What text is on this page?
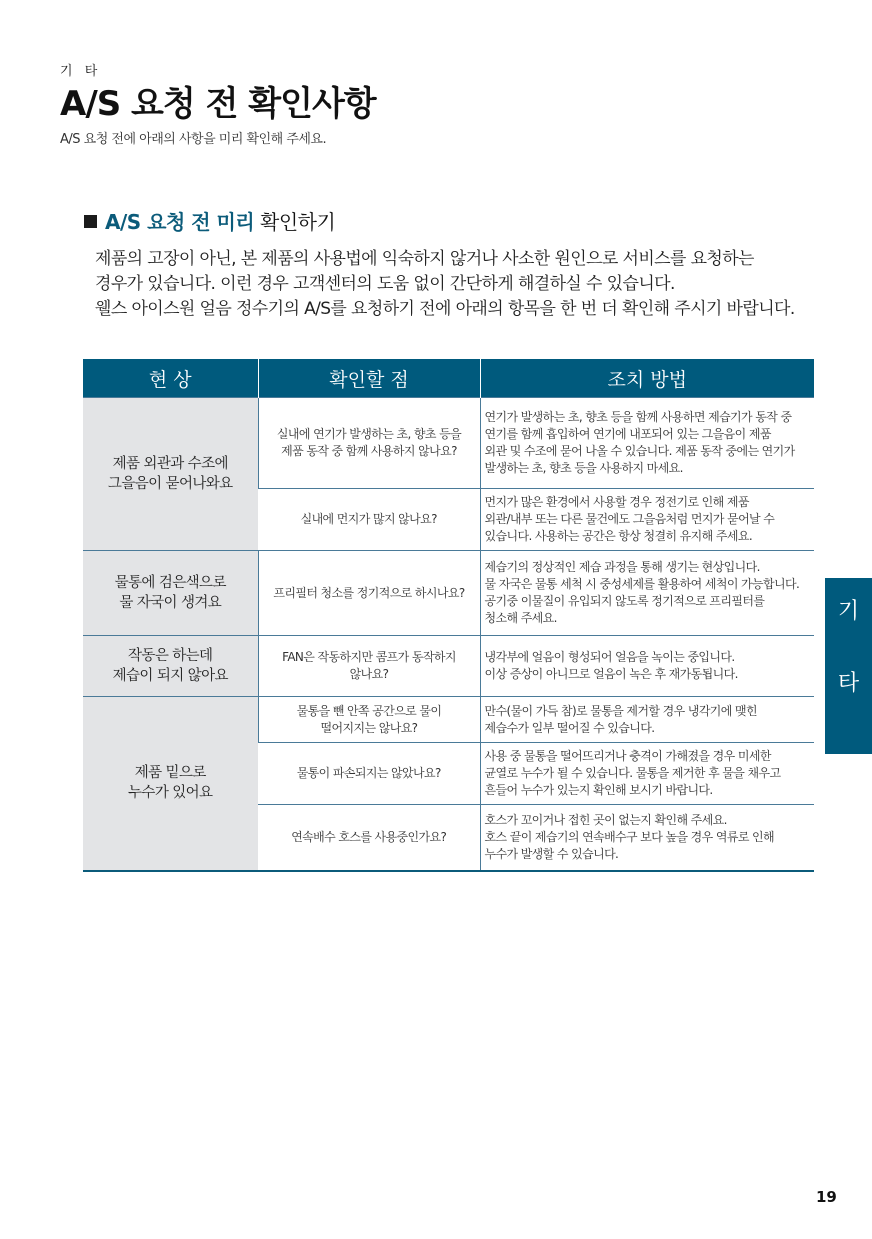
기 타
A/S 요청 전 확인사항
A/S 요청 전에 아래의 사항을 미리 확인해 주세요.
A/S 요청 전 미리 확인하기
제품의 고장이 아닌, 본 제품의 사용법에 익숙하지 않거나 사소한 원인으로 서비스를 요청하는
경우가 있습니다. 이런 경우 고객센터의 도움 없이 간단하게 해결하실 수 있습니다.
웰스 아이스원 얼음 정수기의 A/S를 요청하기 전에 아래의 항목을 한 번 더 확인해 주시기 바랍니다.
현 상	확인할 점	조치 방법

제품 외관과 수조에
그을음이 묻어나와요	실내에 연기가 발생하는 초, 향초 등을
제품 동작 중 함께 사용하지 않나요?	연기가 발생하는 초, 향초 등을 함께 사용하면 제습기가 동작 중
연기를 함께 흡입하여 연기에 내포되어 있는 그을음이 제품
외관 및 수조에 묻어 나올 수 있습니다. 제품 동작 중에는 연기가
발생하는 초, 향초 등을 사용하지 마세요.

	실내에 먼지가 많지 않나요?	먼지가 많은 환경에서 사용할 경우 정전기로 인해 제품
외관/내부 또는 다른 물건에도 그을음처럼 먼지가 묻어날 수
있습니다. 사용하는 공간은 항상 청결히 유지해 주세요.

물통에 검은색으로
물 자국이 생겨요	프리필터 청소를 정기적으로 하시나요?	제습기의 정상적인 제습 과정을 통해 생기는 현상입니다.
물 자국은 물통 세척 시 중성세제를 활용하여 세척이 가능합니다.
공기중 이물질이 유입되지 않도록 정기적으로 프리필터를
청소해 주세요.

작동은 하는데
제습이 되지 않아요	FAN은 작동하지만 콤프가 동작하지
않나요?	냉각부에 얼음이 형성되어 얼음을 녹이는 중입니다.
이상 증상이 아니므로 얼음이 녹은 후 재가동됩니다.

제품 밑으로
누수가 있어요	물통을 뺀 안쪽 공간으로 물이
떨어지지는 않나요?	만수(물이 가득 참)로 물통을 제거할 경우 냉각기에 맺힌
제습수가 일부 떨어질 수 있습니다.

	물통이 파손되지는 않았나요?	사용 중 물통을 떨어뜨리거나 충격이 가해졌을 경우 미세한
균열로 누수가 될 수 있습니다. 물통을 제거한 후 물을 채우고
흔들어 누수가 있는지 확인해 보시기 바랍니다.

	연속배수 호스를 사용중인가요?	호스가 꼬이거나 접힌 곳이 없는지 확인해 주세요.
호스 끝이 제습기의 연속배수구 보다 높을 경우 역류로 인해
누수가 발생할 수 있습니다.
기
타
19
